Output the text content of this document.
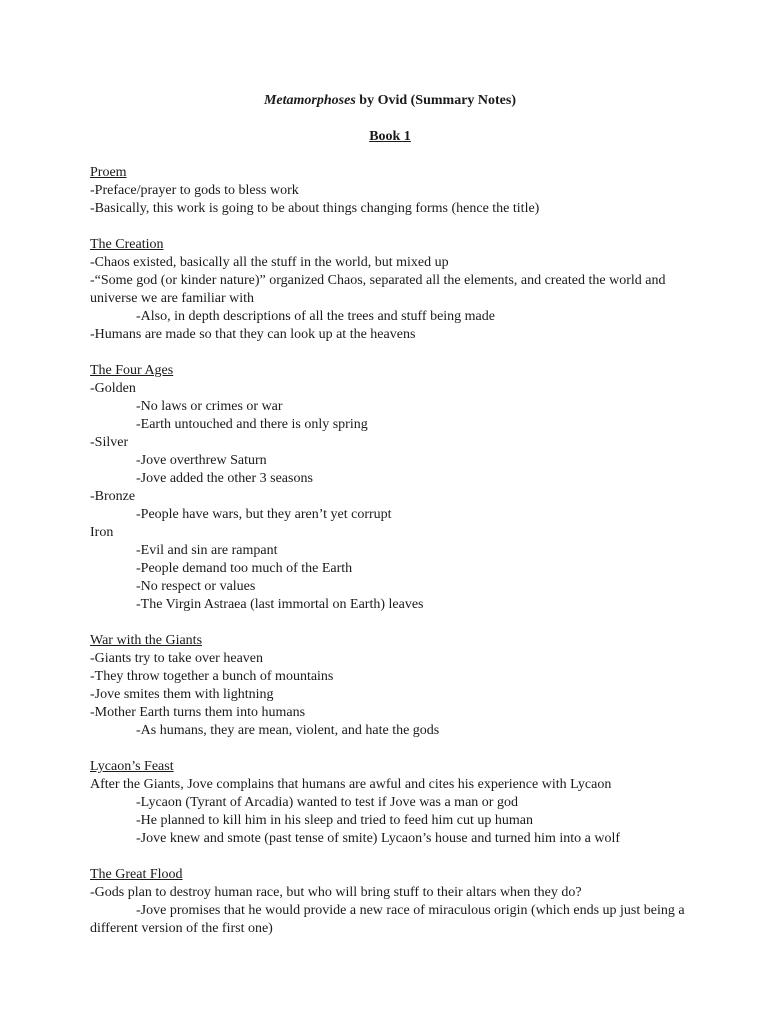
Metamorphoses by Ovid (Summary Notes)
Book 1
Proem
-Preface/prayer to gods to bless work
-Basically, this work is going to be about things changing forms (hence the title)
The Creation
-Chaos existed, basically all the stuff in the world, but mixed up
-“Some god (or kinder nature)” organized Chaos, separated all the elements, and created the world and universe we are familiar with
-Also, in depth descriptions of all the trees and stuff being made
-Humans are made so that they can look up at the heavens
The Four Ages
-Golden
-No laws or crimes or war
-Earth untouched and there is only spring
-Silver
-Jove overthrew Saturn
-Jove added the other 3 seasons
-Bronze
-People have wars, but they aren’t yet corrupt
Iron
-Evil and sin are rampant
-People demand too much of the Earth
-No respect or values
-The Virgin Astraea (last immortal on Earth) leaves
War with the Giants
-Giants try to take over heaven
-They throw together a bunch of mountains
-Jove smites them with lightning
-Mother Earth turns them into humans
-As humans, they are mean, violent, and hate the gods
Lycaon’s Feast
After the Giants, Jove complains that humans are awful and cites his experience with Lycaon
-Lycaon (Tyrant of Arcadia) wanted to test if Jove was a man or god
-He planned to kill him in his sleep and tried to feed him cut up human
-Jove knew and smote (past tense of smite) Lycaon’s house and turned him into a wolf
The Great Flood
-Gods plan to destroy human race, but who will bring stuff to their altars when they do?
-Jove promises that he would provide a new race of miraculous origin (which ends up just being a different version of the first one)
